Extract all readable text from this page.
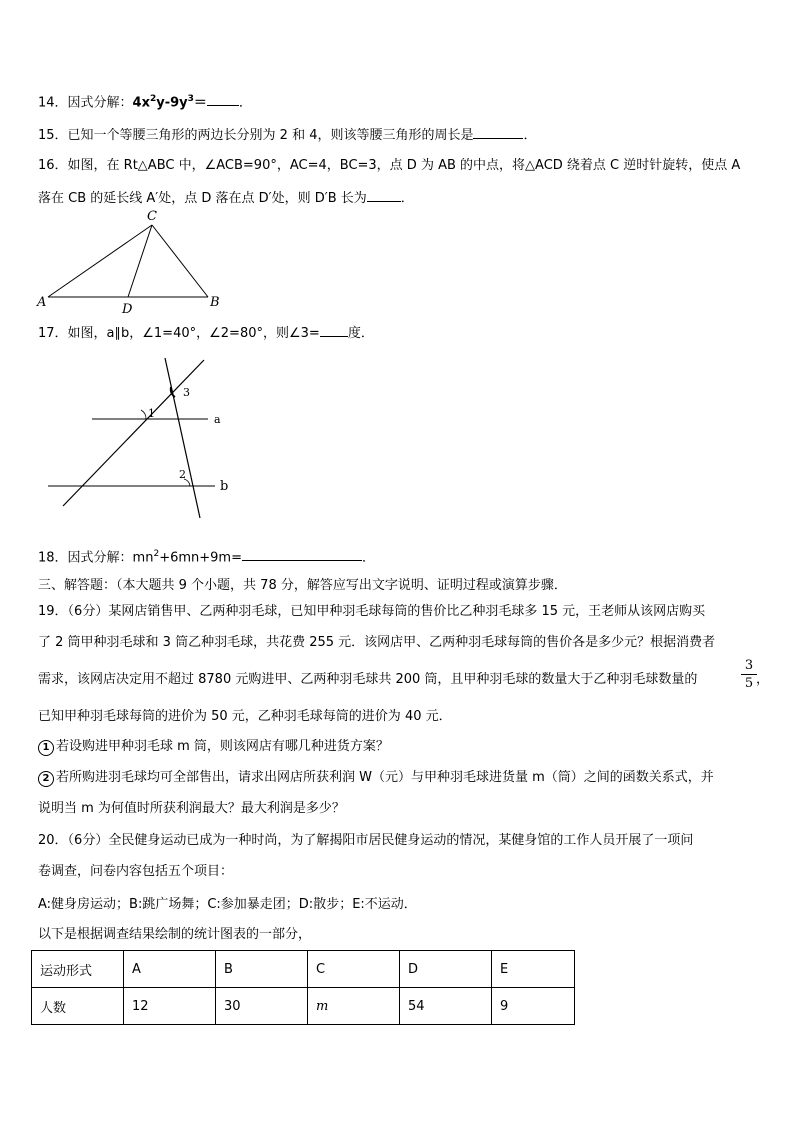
14．因式分解：$4x^2y-9y^3=$ ．
15．已知一个等腰三角形的两边长分别为 2 和 4，则该等腰三角形的周长是	．
16．如图，在 Rt△ABC 中，∠ACB=90°，AC=4，BC=3，点 D 为 AB 的中点，将△ACD 绕着点 C 逆时针旋转，使点 A
落在 CB 的延长线 A′处，点 D 落在点 D′处，则 D′B 长为	．
C
A	D	B
17．如图，a∥b，∠1=40°，∠2=80°，则∠3= 度．
1
2
3
a
b
18．因式分解：$mn^2+6mn+9m=$	．
三、解答题：（本大题共 9 个小题，共 78 分，解答应写出文字说明、证明过程或演算步骤．
19．（6分）某网店销售甲、乙两种羽毛球，已知甲种羽毛球每筒的售价比乙种羽毛球多 15 元，王老师从该网店购买
了 2 筒甲种羽毛球和 3 筒乙种羽毛球，共花费 255 元．该网店甲、乙两种羽毛球每筒的售价各是多少元？根据消费者
需求，该网店决定用不超过 8780 元购进甲、乙两种羽毛球共 200 筒，且甲种羽毛球的数量大于乙种羽毛球数量的
3
5 ，
已知甲种羽毛球每筒的进价为 50 元，乙种羽毛球每筒的进价为 40 元．
1 若设购进甲种羽毛球 m 筒，则该网店有哪几种进货方案？
2 若所购进羽毛球均可全部售出，请求出网店所获利润 W（元）与甲种羽毛球进货量 m（筒）之间的函数关系式，并
说明当 m 为何值时所获利润最大？最大利润是多少？
20．（6分）全民健身运动已成为一种时尚，为了解揭阳市居民健身运动的情况，某健身馆的工作人员开展了一项问
卷调查，问卷内容包括五个项目：
A:健身房运动；B:跳广场舞；C:参加暴走团；D:散步；E:不运动．
以下是根据调查结果绘制的统计图表的一部分，
运动形式	A	B	C	D	E
人数	12	30	m	54	9
